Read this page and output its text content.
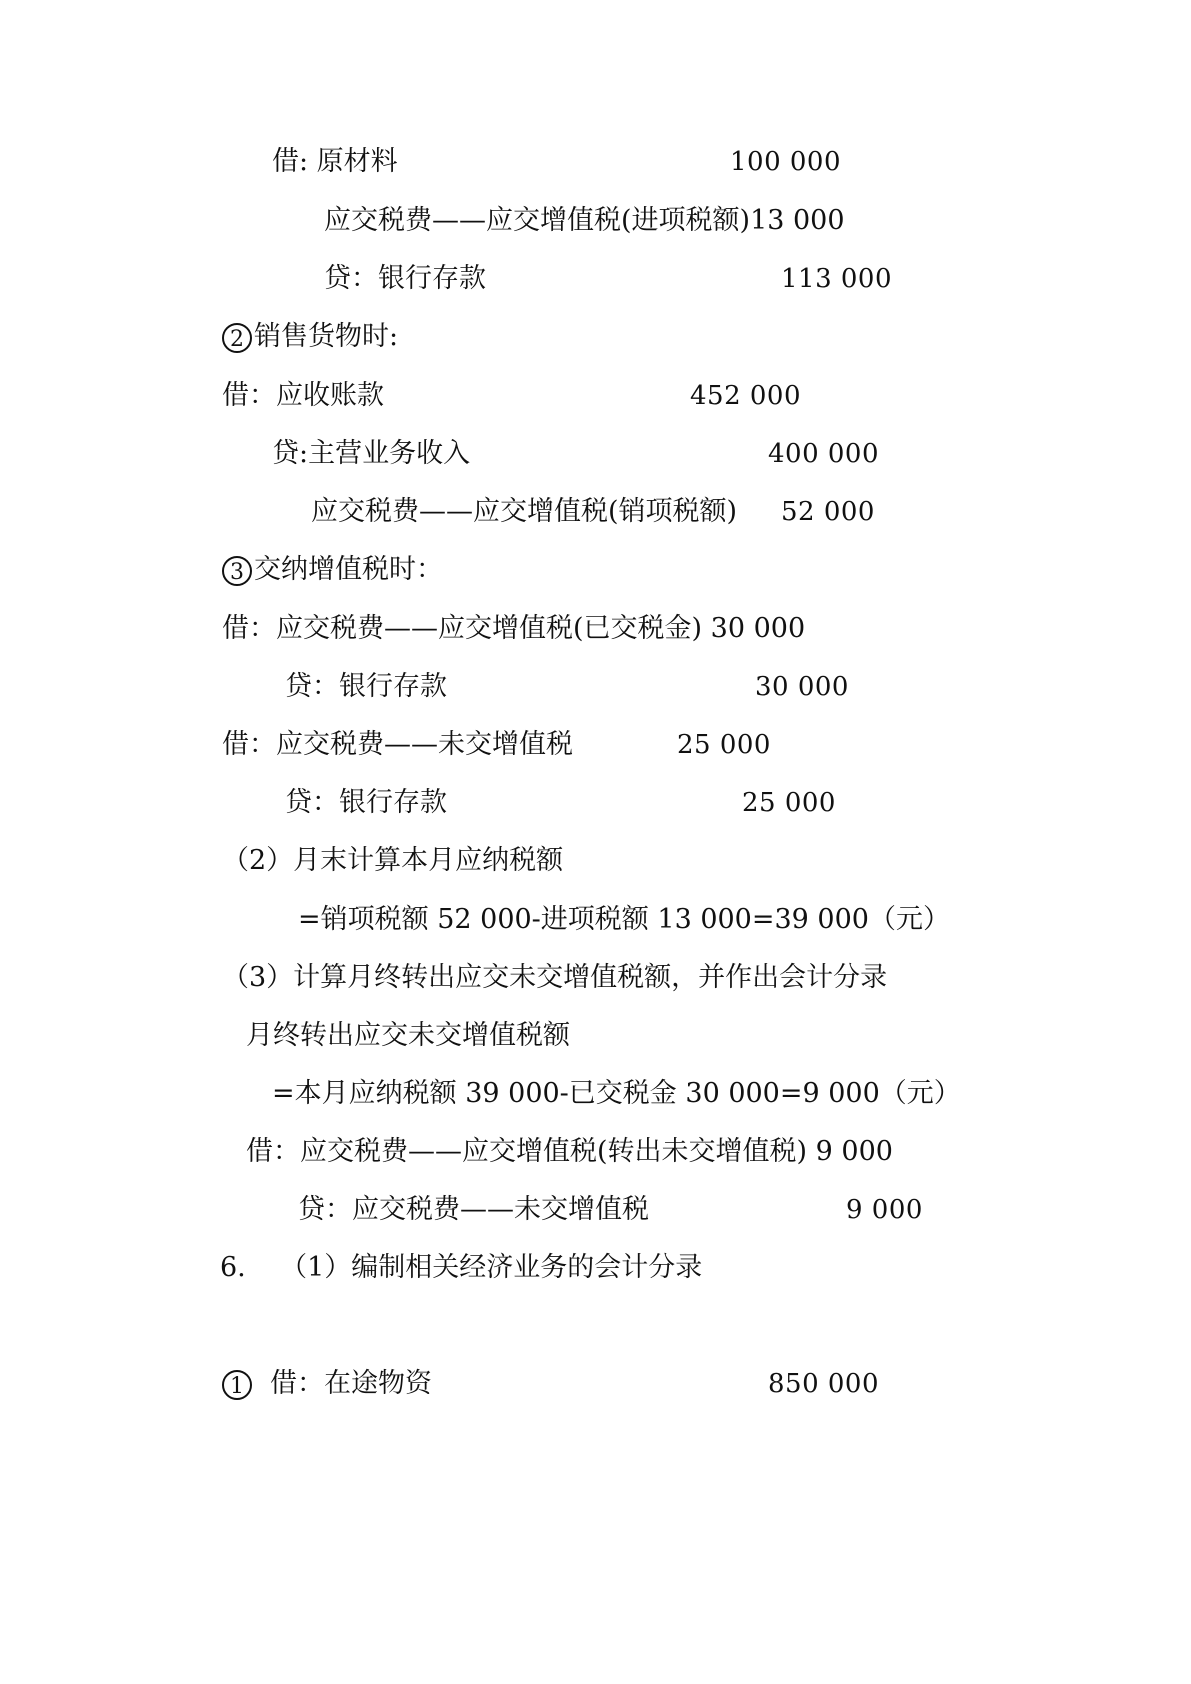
借: 原材料	100 000
应交税费——应交增值税(进项税额)13 000
贷：银行存款	113 000
2 销售货物时:
借：应收账款	452 000
贷:主营业务收入	400 000
应交税费——应交增值税(销项税额) 52 000
3 交纳增值税时：
借：应交税费——应交增值税(已交税金) 30 000
贷：银行存款	30 000
借：应交税费——未交增值税	25 000
贷：银行存款	25 000
（2）月末计算本月应纳税额
=销项税额 52 000-进项税额 13 000=39 000（元）
（3）计算月终转出应交未交增值税额，并作出会计分录
月终转出应交未交增值税额
=本月应纳税额 39 000-已交税金 30 000=9 000（元）
借：应交税费——应交增值税(转出未交增值税) 9 000
贷：应交税费——未交增值税	9 000
6.    （1）编制相关经济业务的会计分录
1 借：在途物资	850 000
